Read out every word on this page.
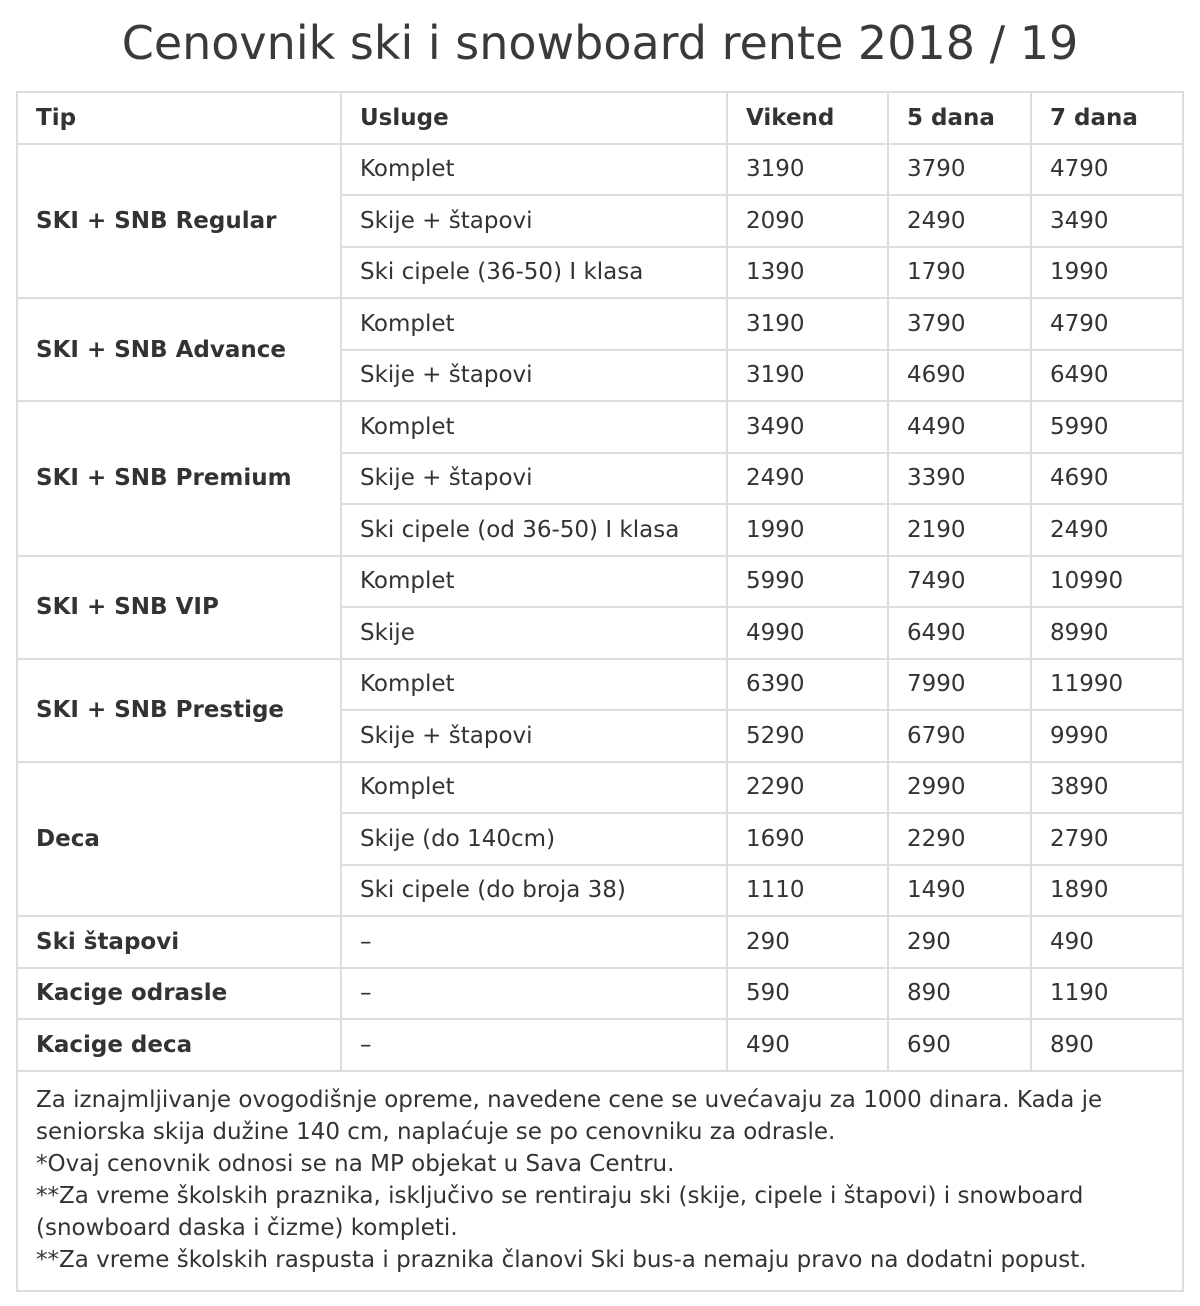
Cenovnik ski i snowboard rente 2018 / 19
Tip	Usluge	Vikend	5 dana	7 dana
SKI + SNB Regular	Komplet	3190	3790	4790
	Skije + štapovi	2090	2490	3490
	Ski cipele (36-50) I klasa	1390	1790	1990
SKI + SNB Advance	Komplet	3190	3790	4790
	Skije + štapovi	3190	4690	6490
SKI + SNB Premium	Komplet	3490	4490	5990
	Skije + štapovi	2490	3390	4690
	Ski cipele (od 36-50) I klasa	1990	2190	2490
SKI + SNB VIP	Komplet	5990	7490	10990
	Skije	4990	6490	8990
SKI + SNB Prestige	Komplet	6390	7990	11990
	Skije + štapovi	5290	6790	9990
Deca	Komplet	2290	2990	3890
	Skije (do 140cm)	1690	2290	2790
	Ski cipele (do broja 38)	1110	1490	1890
Ski štapovi	–	290	290	490
Kacige odrasle	–	590	890	1190
Kacige deca	–	490	690	890

Za iznajmljivanje ovogodišnje opreme, navedene cene se uvećavaju za 1000 dinara. Kada je seniorska skija dužine 140 cm, naplaćuje se po cenovniku za odrasle.
*Ovaj cenovnik odnosi se na MP objekat u Sava Centru.
**Za vreme školskih praznika, isključivo se rentiraju ski (skije, cipele i štapovi) i snowboard (snowboard daska i čizme) kompleti.
**Za vreme školskih raspusta i praznika članovi Ski bus-a nemaju pravo na dodatni popust.				
